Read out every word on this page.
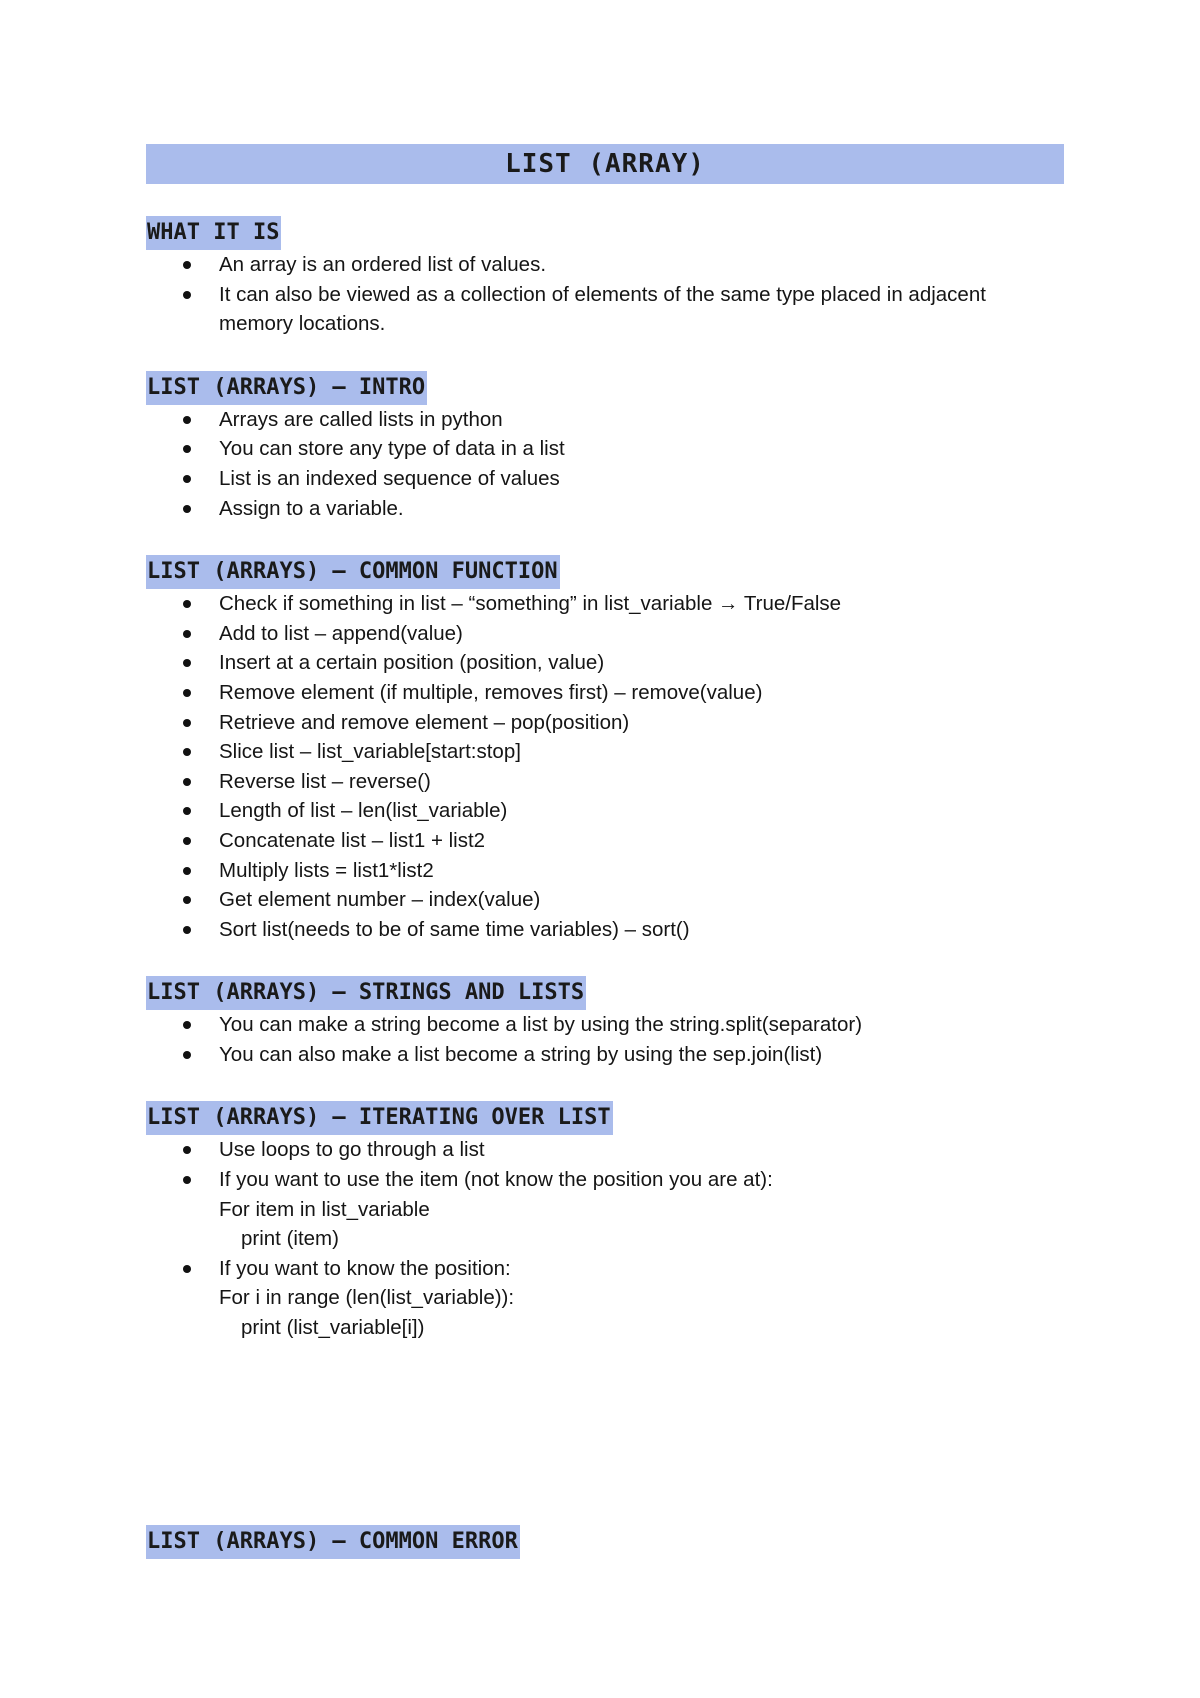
LIST (ARRAY)
WHAT IT IS
An array is an ordered list of values.
It can also be viewed as a collection of elements of the same type placed in adjacent memory locations.
LIST (ARRAYS) – INTRO
Arrays are called lists in python
You can store any type of data in a list
List is an indexed sequence of values
Assign to a variable.
LIST (ARRAYS) – COMMON FUNCTION
Check if something in list – “something” in list_variable → True/False
Add to list – append(value)
Insert at a certain position (position, value)
Remove element (if multiple, removes first) – remove(value)
Retrieve and remove element – pop(position)
Slice list – list_variable[start:stop]
Reverse list – reverse()
Length of list – len(list_variable)
Concatenate list – list1 + list2
Multiply lists = list1*list2
Get element number – index(value)
Sort list(needs to be of same time variables) – sort()
LIST (ARRAYS) – STRINGS AND LISTS
You can make a string become a list by using the string.split(separator)
You can also make a list become a string by using the sep.join(list)
LIST (ARRAYS) – ITERATING OVER LIST
Use loops to go through a list
If you want to use the item (not know the position you are at):
For item in list_variable
print (item)
If you want to know the position:
For i in range (len(list_variable)):
print (list_variable[i])
LIST (ARRAYS) – COMMON ERROR
